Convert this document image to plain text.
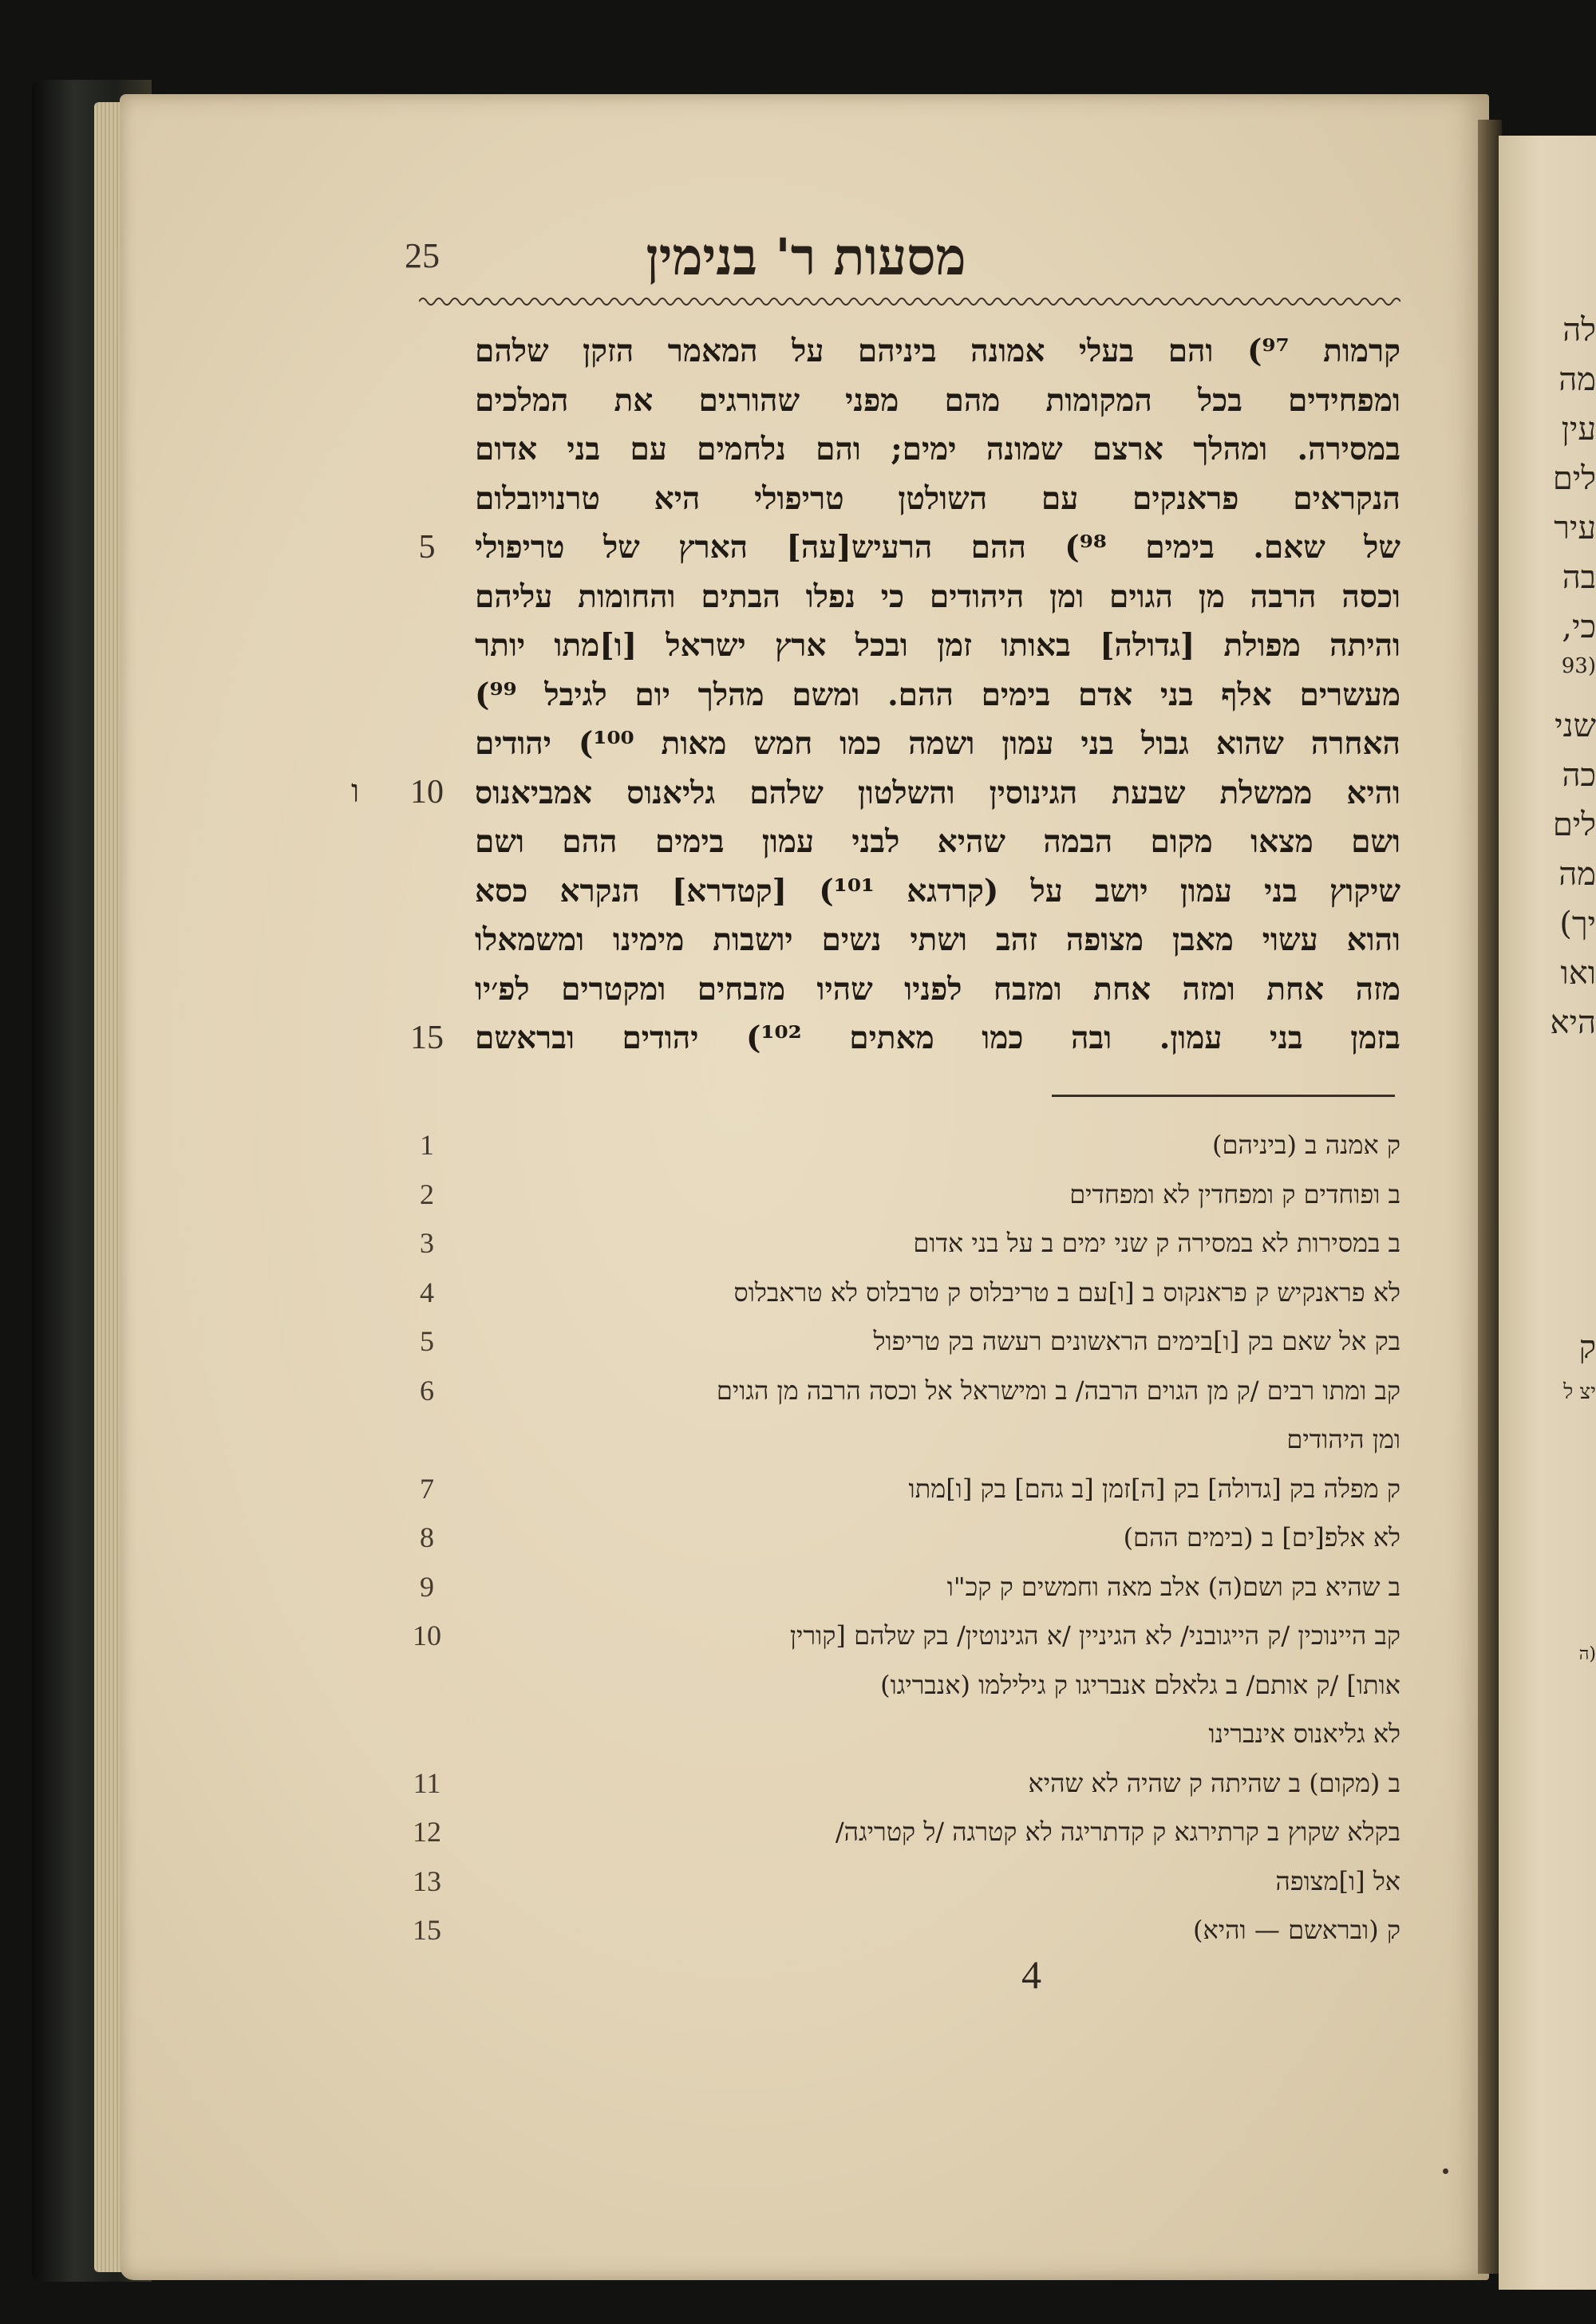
לה
מה
עין
לים
עיר
בה
כי,
(93
שני
כה
לים
מה
יך)
ואו
היא
ק
יצ ל
(ה
25	מסעות ר' בנימין
5
10
15
ו
קרמות ⁹⁷) והם בעלי אמונה ביניהם על המאמר הזקן שלהם
ומפחידים בכל המקומות מהם מפני שהורגים את המלכים
במסירה. ומהלך ארצם שמונה ימים; והם נלחמים עם בני אדום
הנקראים פראנקים עם השולטן טריפולי היא טרנויובלום
של שאם. בימים ⁹⁸) ההם הרעיש[עה] הארץ של טריפולי
וכסה הרבה מן הגוים ומן היהודים כי נפלו הבתים והחומות עליהם
והיתה מפולת [גדולה] באותו זמן ובכל ארץ ישראל [ו]מתו יותר
מעשרים אלף בני אדם בימים ההם. ומשם מהלך יום לגיבל ⁹⁹)
האחרה שהוא גבול בני עמון ושמה כמו חמש מאות ¹⁰⁰) יהודים
והיא ממשלת שבעת הגינוסין והשלטון שלהם גליאנוס אמביאנוס
ושם מצאו מקום הבמה שהיא לבני עמון בימים ההם ושם
שיקוץ בני עמון יושב על (קרדגא ¹⁰¹) [קטדרא] הנקרא כסא
והוא עשוי מאבן מצופה זהב ושתי נשים יושבות מימינו ומשמאלו
מזה אחת ומזה אחת ומזבח לפניו שהיו מזבחים ומקטרים לפ׳יו
בזמן בני עמון. ובה כמו מאתים ¹⁰²) יהודים ובראשם
1	ק אמנה ב (ביניהם)
2	ב ופוחדים ק ומפחדין לא ומפחדים
3	ב במסירות לא במסירה ק שני ימים ב על בני אדום
4	לא פראנקיש ק פראנקוס ב [ו]עם ב טריבלוס ק טרבלוס לא טראבלוס
5	בק אל שאם בק [ו]בימים הראשונים רעשה בק טריפול
6	קב ומתו רבים /ק מן הגוים הרבה/ ב ומישראל אל וכסה הרבה מן הגוים
ומן היהודים
7	ק מפלה בק [גדולה] בק [ה]זמן [ב גהם] בק [ו]מתו
8	לא אלפ[ים] ב (בימים ההם)
9	ב שהיא בק ושם(ה) אלב מאה וחמשים ק קכ"ו
10	קב היינוכין /ק הייגובני/ לא הגיניין /א הגינוטין/ בק שלהם [קורין
אותו] /ק אותם/ ב גלאלם אנבריגו ק גילילמו (אנבריגו)
לא גליאנוס אינברינו
11	ב (מקום) ב שהיתה ק שהיה לא שהיא
12	בקלא שקוץ ב קרתירגא ק קדתריגה לא קטרגה /ל קטריגה/
13	אל [ו]מצופה
15	ק (ובראשם — והיא)
4
